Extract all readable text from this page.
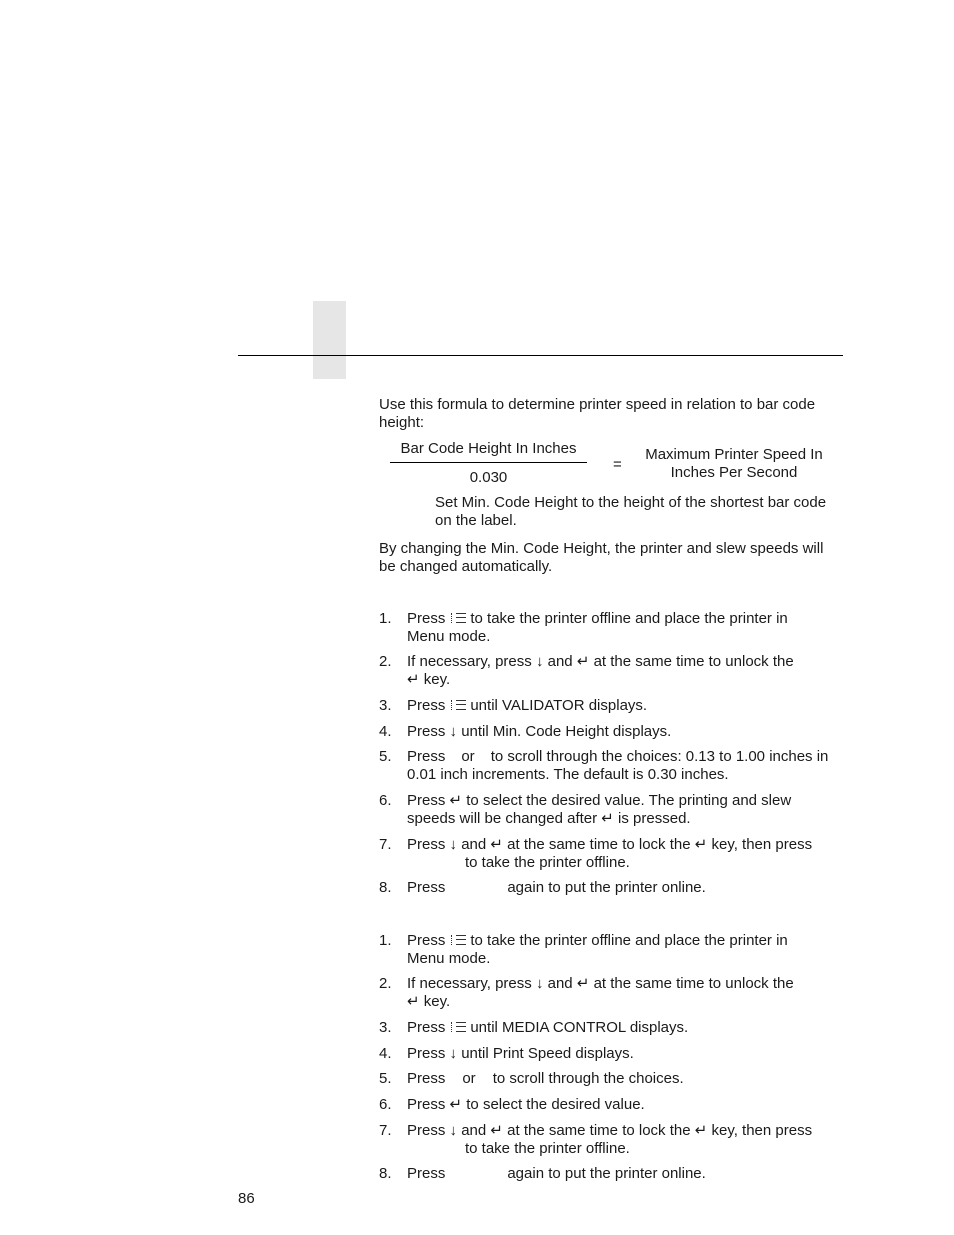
Use this formula to determine printer speed in relation to bar code height:
Bar Code Height In Inches
0.030
=
Maximum Printer Speed In
Inches Per Second
Set Min. Code Height to the height of the shortest bar code on the label.
By changing the Min. Code Height, the printer and slew speeds will be changed automatically.
1.	Press to take the printer offline and place the printer in
Menu mode.
2.	If necessary, press ↓ and ↵ at the same time to unlock the
↵ key.
3.	Press until VALIDATOR displays.
4.	Press ↓ until Min. Code Height displays.
5.	Press or to scroll through the choices: 0.13 to 1.00 inches in
0.01 inch increments. The default is 0.30 inches.
6.	Press ↵ to select the desired value. The printing and slew
speeds will be changed after ↵ is pressed.
7.	Press ↓ and ↵ at the same time to lock the ↵ key, then press
to take the printer offline.
8.	Press	again to put the printer online.
1.	Press to take the printer offline and place the printer in
Menu mode.
2.	If necessary, press ↓ and ↵ at the same time to unlock the
↵ key.
3.	Press until MEDIA CONTROL displays.
4.	Press ↓ until Print Speed displays.
5.	Press or to scroll through the choices.
6.	Press ↵ to select the desired value.
7.	Press ↓ and ↵ at the same time to lock the ↵ key, then press
to take the printer offline.
8.	Press	again to put the printer online.
86
